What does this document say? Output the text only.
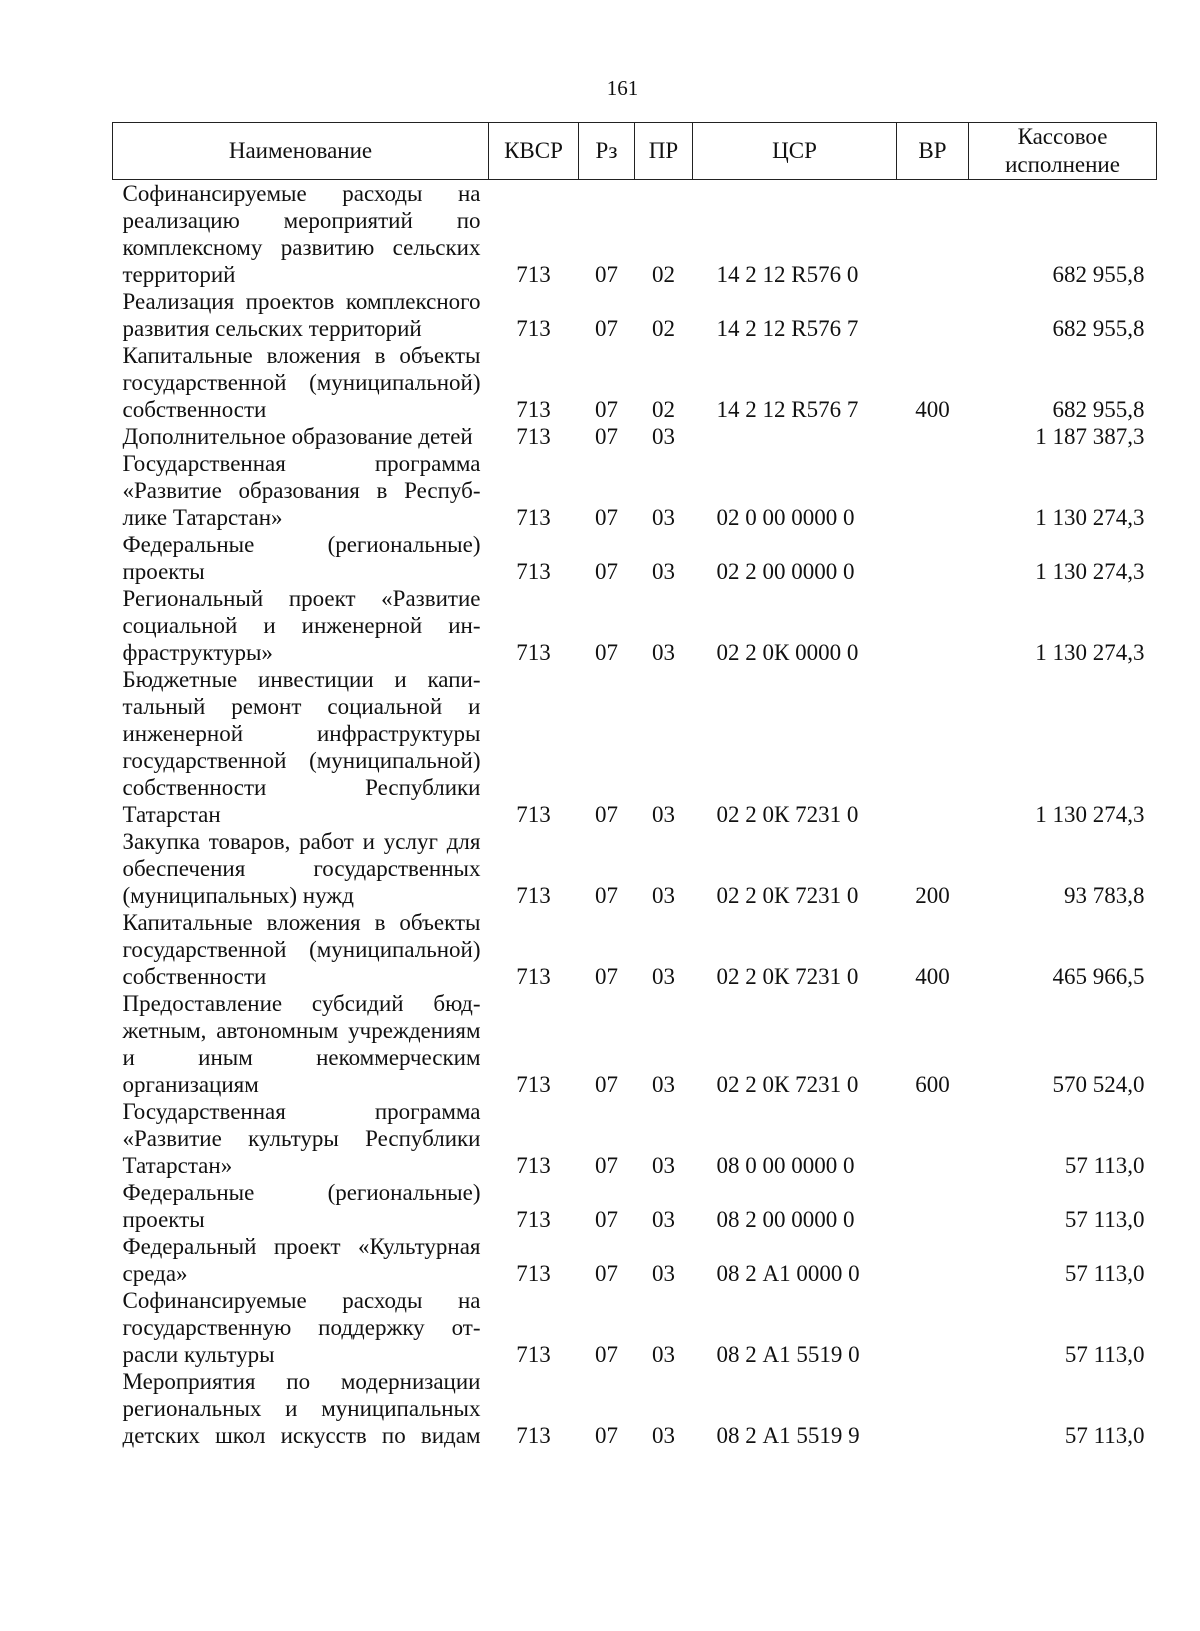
161
Наименование	КВСР	Рз	ПР	ЦСР	ВР	Кассовое исполнение
Софинансируемые расходы на реализацию мероприятий по комплексному развитию сельских территорий	713	07	02	14 2 12 R576 0		682 955,8
Реализация проектов комплексного развития сельских территорий	713	07	02	14 2 12 R576 7		682 955,8
Капитальные вложения в объекты государственной (муниципальной) собственности	713	07	02	14 2 12 R576 7	400	682 955,8
Дополнительное образование детей	713	07	03			1 187 387,3
Государственная программа «Развитие образования в Республике Татарстан»	713	07	03	02 0 00 0000 0		1 130 274,3
Федеральные (региональные) проекты	713	07	03	02 2 00 0000 0		1 130 274,3
Региональный проект «Развитие социальной и инженерной инфраструктуры»	713	07	03	02 2 0К 0000 0		1 130 274,3
Бюджетные инвестиции и капитальный ремонт социальной и инженерной инфраструктуры государственной (муниципальной) собственности Республики Татарстан	713	07	03	02 2 0К 7231 0		1 130 274,3
Закупка товаров, работ и услуг для обеспечения государственных (муниципальных) нужд	713	07	03	02 2 0К 7231 0	200	93 783,8
Капитальные вложения в объекты государственной (муниципальной) собственности	713	07	03	02 2 0К 7231 0	400	465 966,5
Предоставление субсидий бюджетным, автономным учреждениям и иным некоммерческим организациям	713	07	03	02 2 0К 7231 0	600	570 524,0
Государственная программа «Развитие культуры Республики Татарстан»	713	07	03	08 0 00 0000 0		57 113,0
Федеральные (региональные) проекты	713	07	03	08 2 00 0000 0		57 113,0
Федеральный проект «Культурная среда»	713	07	03	08 2 А1 0000 0		57 113,0
Софинансируемые расходы на государственную поддержку отрасли культуры	713	07	03	08 2 А1 5519 0		57 113,0
Мероприятия по модернизации региональных и муниципальных детских школ искусств по видам	713	07	03	08 2 А1 5519 9		57 113,0
